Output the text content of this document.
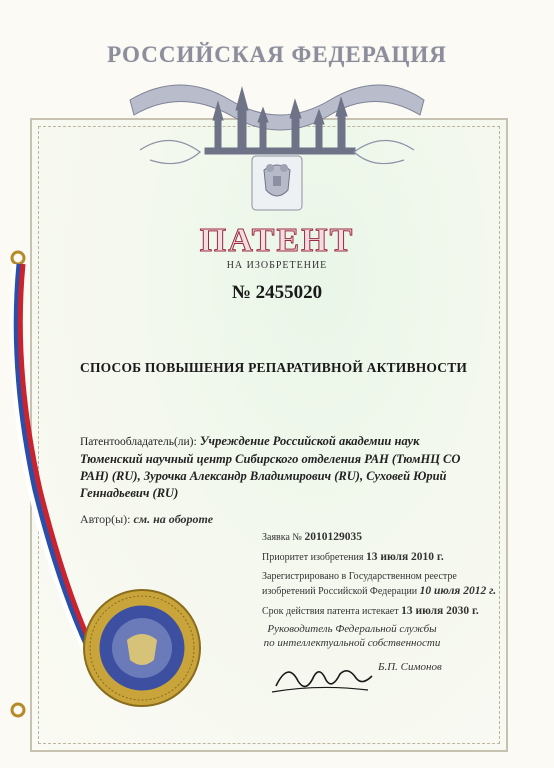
РОССИЙСКАЯ ФЕДЕРАЦИЯ
ПАТЕНТ
НА ИЗОБРЕТЕНИЕ
№ 2455020
СПОСОБ ПОВЫШЕНИЯ РЕПАРАТИВНОЙ АКТИВНОСТИ
Патентообладатель(ли): Учреждение Российской академии наук Тюменский научный центр Сибирского отделения РАН (ТюмНЦ СО РАН) (RU), Зурочка Александр Владимирович (RU), Суховей Юрий Геннадьевич (RU)
Автор(ы): см. на обороте
Заявка № 2010129035
Приоритет изобретения 13 июля 2010 г.
Зарегистрировано в Государственном реестре изобретений Российской Федерации 10 июля 2012 г.
Срок действия патента истекает 13 июля 2030 г.
Руководитель Федеральной службы по интеллектуальной собственности
Б.П. Симонов
